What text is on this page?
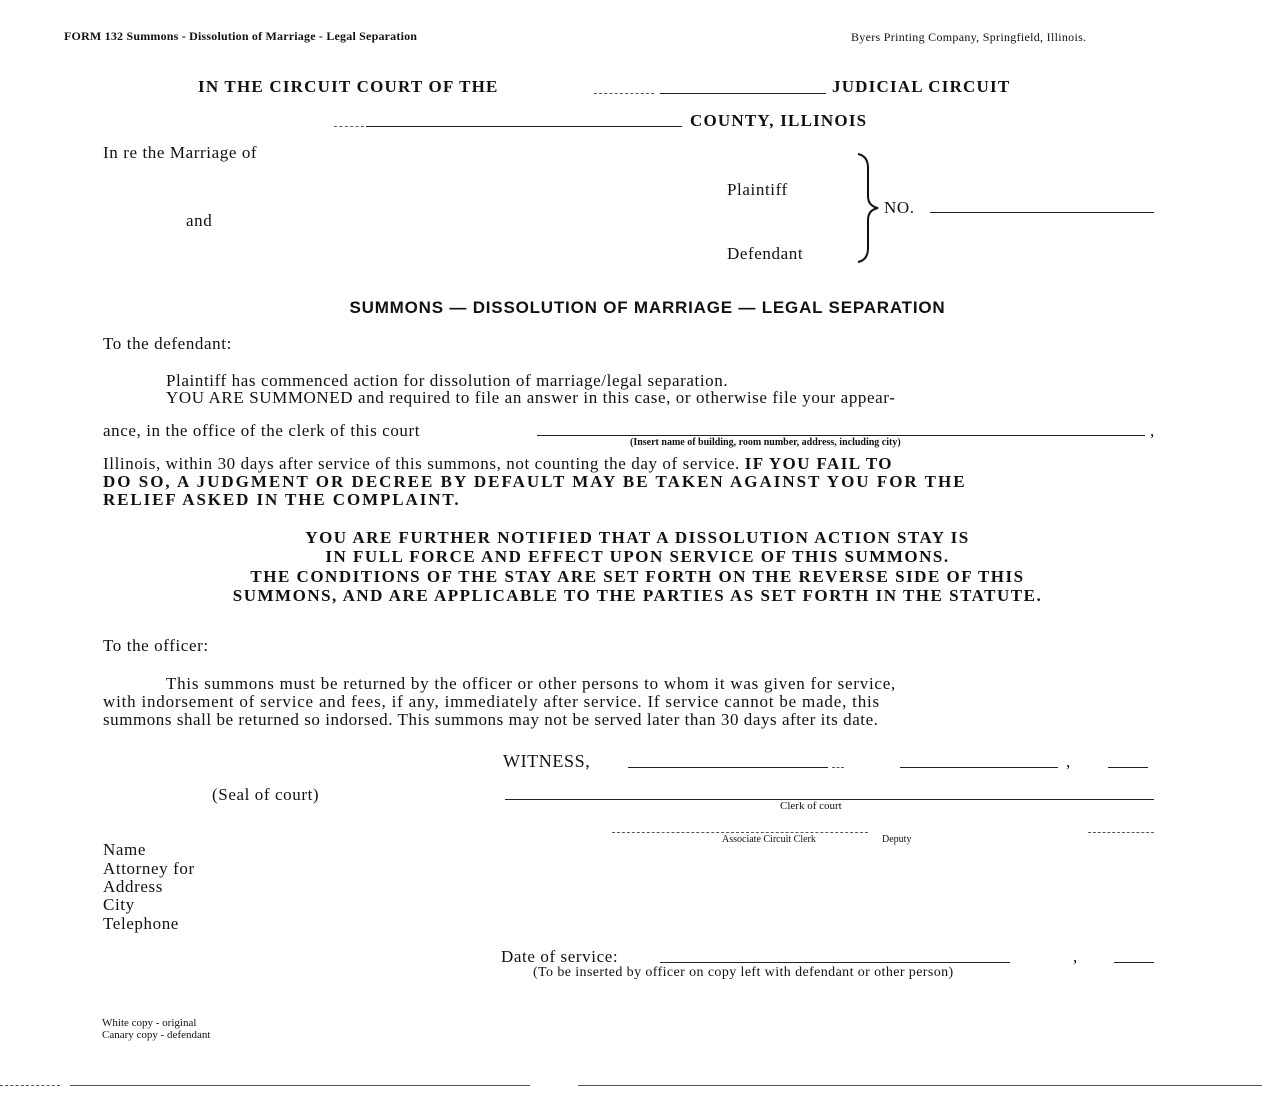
FORM 132 Summons - Dissolution of Marriage - Legal Separation	Byers Printing Company, Springfield, Illinois.
IN THE CIRCUIT COURT OF THE	JUDICIAL CIRCUIT
COUNTY, ILLINOIS
In re the Marriage of
Plaintiff
and
Defendant
NO.
SUMMONS — DISSOLUTION OF MARRIAGE — LEGAL SEPARATION
To the defendant:
Plaintiff has commenced action for dissolution of marriage/legal separation.
YOU ARE SUMMONED and required to file an answer in this case, or otherwise file your appear-
ance, in the office of the clerk of this court	,
(Insert name of building, room number, address, including city)
Illinois, within 30 days after service of this summons, not counting the day of service. IF YOU FAIL TO
DO SO, A JUDGMENT OR DECREE BY DEFAULT MAY BE TAKEN AGAINST YOU FOR THE
RELIEF ASKED IN THE COMPLAINT.
YOU ARE FURTHER NOTIFIED THAT A DISSOLUTION ACTION STAY IS
IN FULL FORCE AND EFFECT UPON SERVICE OF THIS SUMMONS.
THE CONDITIONS OF THE STAY ARE SET FORTH ON THE REVERSE SIDE OF THIS
SUMMONS, AND ARE APPLICABLE TO THE PARTIES AS SET FORTH IN THE STATUTE.
To the officer:
This summons must be returned by the officer or other persons to whom it was given for service,
with indorsement of service and fees, if any, immediately after service. If service cannot be made, this
summons shall be returned so indorsed. This summons may not be served later than 30 days after its date.
WITNESS,	,
(Seal of court)
Clerk of court
Associate Circuit Clerk	Deputy
Name
Attorney for
Address
City
Telephone
Date of service:	,
(To be inserted by officer on copy left with defendant or other person)
White copy - original
Canary copy - defendant
